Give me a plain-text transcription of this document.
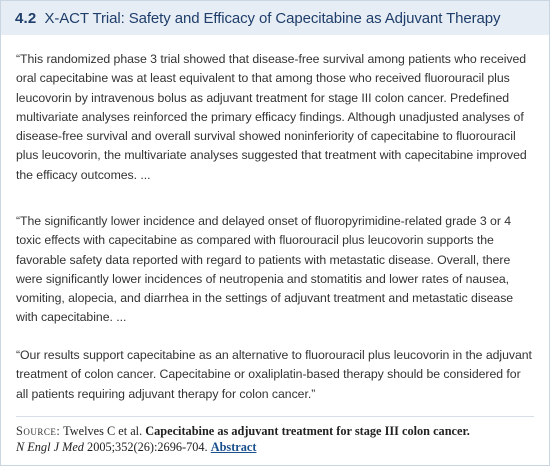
4.2 X-ACT Trial: Safety and Efficacy of Capecitabine as Adjuvant Therapy

“This randomized phase 3 trial showed that disease-free survival among patients who received oral capecitabine was at least equivalent to that among those who received fluorouracil plus leucovorin by intravenous bolus as adjuvant treatment for stage III colon cancer. Predefined multivariate analyses reinforced the primary efficacy findings. Although unadjusted analyses of disease-free survival and overall survival showed noninferiority of capecitabine to fluorouracil plus leucovorin, the multivariate analyses suggested that treatment with capecitabine improved the efficacy outcomes. ...

“The significantly lower incidence and delayed onset of fluoropyrimidine-related grade 3 or 4 toxic effects with capecitabine as compared with fluorouracil plus leucovorin supports the favorable safety data reported with regard to patients with metastatic disease. Overall, there were significantly lower incidences of neutropenia and stomatitis and lower rates of nausea, vomiting, alopecia, and diarrhea in the settings of adjuvant treatment and metastatic disease with capecitabine. ...

“Our results support capecitabine as an alternative to fluorouracil plus leucovorin in the adjuvant treatment of colon cancer. Capecitabine or oxaliplatin-based therapy should be considered for all patients requiring adjuvant therapy for colon cancer.”

Source: Twelves C et al. Capecitabine as adjuvant treatment for stage III colon cancer.
N Engl J Med 2005;352(26):2696-704. Abstract
